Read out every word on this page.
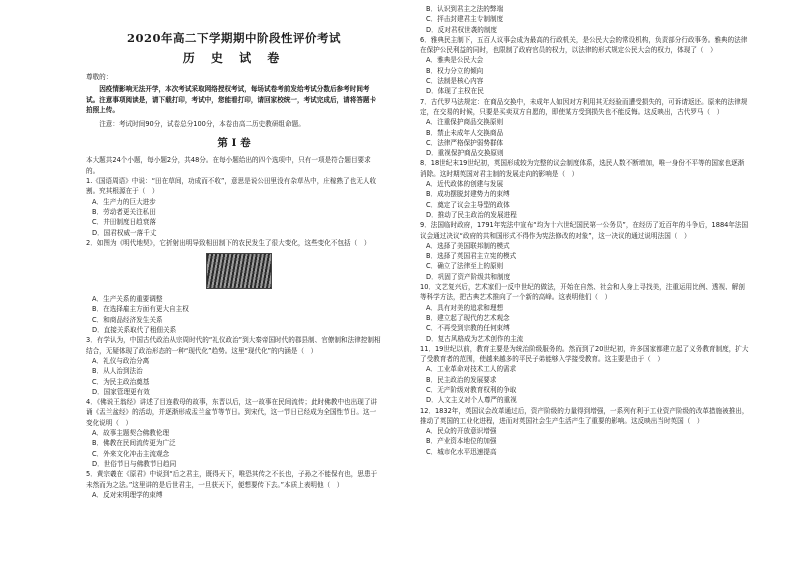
2020年高二下学期期中阶段性评价考试
历 史 试 卷
尊敬的：
因疫情影响无法开学，本次考试采取网络授权考试，每场试卷考前发给考试分数后参考时间考试。注意事项阅读是，请下载打印，考试中，您能看打印，请回家校统一，考试完成后，请将答题卡拍照上传。
注意：考试时间90分，试卷总分100分，本卷由高二历史教研组命题。
第 I 卷
本大题共24个小题，每小题2分，共48分。在每小题给出的四个选项中，只有一项是符合题目要求的。
1.《国语周语》中说：“田在草间，功成而不收”，意思是说公田里没有杂草丛中，庄稼熟了也无人收割。究其根源在于（　）
A．生产力的巨大进步
B．劳动者更关注私田
C．井田制度日趋衰落
D．国君权威一落千丈
2．如图为《明代地契》，它折射出明导致相田制下的农民发生了很大变化，这些变化不包括（　）
A．生产关系的重要调整
B．在选择雇主方面有更大自主权
C．和商品经济发生关系
D．直接关系取代了租佃关系
3．有学认为，中国古代政治从宗周时代的“礼仪政治”到大秦帝国时代的郡县制、官僚制和法律控制相结合，无疑体现了政治形态的一种“现代化”趋势。这里“现代化”的内涵是（　）
A．礼仪与政治分离
B．从人治到法治
C．为民主政治奠基
D．国家管理更有效
4．《佛说王翁经》讲述了目连救母的故事，东晋以后，这一故事在民间流传；此时佛教中也出现了讲诵《盂兰盆经》的活动，并逐渐形成盂兰盆节等节日。到宋代，这一节日已经成为全国性节日。这一变化说明（　）
A．故事主题契合佛教伦理
B．佛教在民间流传更为广泛
C．外来文化冲击主流观念
D．世俗节日与佛教节日趋同
5．黄宗羲在《原君》中说到“后之君主，既得天下，唯恐其传之不长也，子孙之不能保有也，思患于未然而为之法。”这里讲的是后世君主，一旦获天下，便想要传下去。”本质上表明他（　）
A．反对宋明理学的束缚
B．认识到君主之法的弊端
C．抨击封建君主专制制度
D．反对君权世袭的制度
6．雅典民主制下，五百人议事会成为最高的行政机关，是公民大会的常设机构，负责部分行政事务。雅典的法律在保护公民利益的同时，也限制了政府官员的权力，以法律的形式规定公民大会的权力，体现了（　）
A．雅典是公民大会
B．权力分立的倾向
C．法制是核心内容
D．体现了主权在民
7．古代罗马法规定：在商品交换中，未成年人如因对方利用其无经验而遭受损失的，可诉请返还。原来的法律规定，在交易的时候，只要是买卖双方自愿的，即使某方受到损失也不能反悔。这反映出，古代罗马（　）
A．注重保护商品交换原则
B．禁止未成年人交换商品
C．法律严格保护弱势群体
D．重视保护商品交换原则
8．18世纪末19世纪初，英国形成较为完整的议会制度体系，选民人数不断增加，唯一身份不平等的国家也逐渐消除。这时期英国对君主制的发展走向的影响是（　）
A．近代政体的创建与发展
B．成功摆脱封建势力的束缚
C．奠定了议会主导型的政体
D．推动了民主政治的发展进程
9．法国临时政府，1791年宪法中宣布“均为十六世纪国民第一公务员”，在经历了近百年的斗争后，1884年法国议会通过决议“政府的共和国形式不得作为宪法修改的对象”，这一决议的通过说明法国（　）
A．选择了美国联邦制的模式
B．选择了英国君主立宪的模式
C．确立了法律至上的原则
D．巩固了资产阶级共和制度
10．文艺复兴后，艺术家们一反中世纪的做法，开始在自然、社会和人身上寻找美，注重运用比例、透视、解剖等科学方法，把古典艺术推向了一个新的高峰。这表明他们（　）
A．具有对美的追求和理想
B．建立起了现代的艺术观念
C．不再受到宗教的任何束缚
D．复古风格成为艺术创作的主流
11．19世纪以前，教育主要是为统治阶级服务的。然而到了20世纪初，许多国家都建立起了义务教育制度，扩大了受教育者的范围，使越来越多的平民子弟能够入学接受教育。这主要是由于（　）
A．工业革命对技术工人的需求
B．民主政治的发展要求
C．无产阶级对教育权利的争取
D．人文主义对个人尊严的重视
12．1832年，英国议会改革通过后，资产阶级的力量得到增强，一系列有利于工业资产阶级的改革措施被推出，推动了英国的工业化进程，进而对英国社会生产生活产生了重要的影响。这反映出当时英国（　）
A．民众的开放意识增强
B．产业资本地位的加强
C．城市化水平迅速提高
